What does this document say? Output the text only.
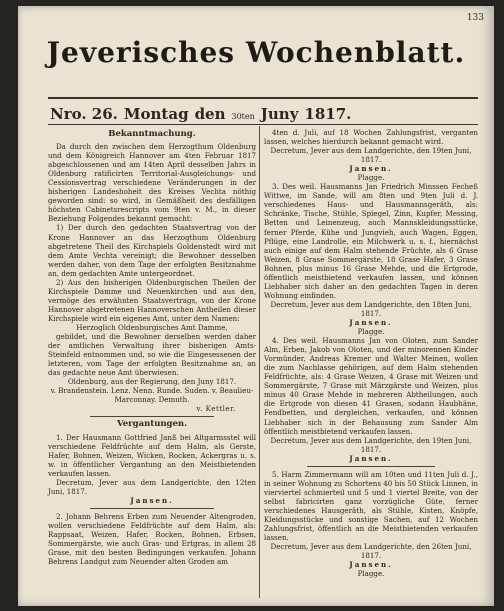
133
Jeverisches Wochenblatt.
Nro. 26. Montag den 30ten Juny 1817.
Bekanntmachung.

Da durch den zwischen dem Herzogthum Oldenburg und dem Königreich Hannover am 4ten Februar 1817 abgeschlossenen und am 14ten April desselben Jahrs in Oldenburg ratificirten Territorial-Ausgleichungs- und Cessionsvertrag verschiedene Veränderungen in der bisherigen Landeshoheit des Kreises Vechta nöthig geworden sind: so wird, in Gemäßheit des desfälligen höchsten Cabinetsrescripts vom 9ten v. M., in dieser Beziehung Folgendes bekannt gemacht:

1) Der durch den gedachten Staatsvertrag von der Krone Hannover an das Herzogthum Oldenburg abgetretene Theil des Kirchspiels Goldenstedt wird mit dem Amte Vechta vereinigt; die Bewohner desselben werden daher, von dem Tage der erfolgten Besitznahme an, dem gedachten Amte untergeordnet.

2) Aus den bisherigen Oldenburgischen Theilen der Kirchspiele Damme und Neuenkirchen und aus den, vermöge des erwähnten Staatsvertrags, von der Krone Hannover abgetretenen Hannoverschen Antheilen dieser Kirchspiele wird ein eigenes Amt, unter dem Namen:

Herzoglich Oldenburgisches Amt Damme,

gebildet, und die Bewohner derselben werden daher der amtlichen Verwaltung ihrer bisherigen Amts-Steinfeld entnommen und, so wie die Eingesessenen der letzteren, vom Tage der erfolgten Besitznahme an, an das gedachte neue Amt überwiesen.

Oldenburg, aus der Regierung, den Juny 1817.

v. Brandenstein. Lenz. Nenn. Runde. Suden. v. Beaulieu-Marconnay. Demuth.

v. Kettler.

Vergantungen.

1. Der Hausmann Gottfried Janß bei Altgarmsstel will verschiedene Feldfrüchte auf dem Halm, als Gerste, Hafer, Bohnen, Weizen, Wicken, Rocken, Ackergras u. s. w. in öffentlicher Vergantung an den Meistbietenden verkaufen lassen.

Decretum, Jever aus dem Landgerichte, den 12ten Juni, 1817.

Jansen.

2. Johann Behrens Erben zum Neuender Altengroden, wollen verschiedene Feldfrüchte auf dem Halm, als: Rappsaat, Weizen, Hafer, Rocken, Bohnen, Erbsen, Sommergärste, wie auch Gras- und Ertgras, in allem 28 Grase, mit den besten Bedingungen verkaufen. Johann Behrens Landgut zum Neuender alten Groden am

4ten d. Juli, auf 18 Wochen Zahlungsfrist, verganten lassen, welches hierdurch bekannt gemacht wird.

Decretum, Jever aus dem Landgerichte, den 19ten Juni, 1817.

Jansen.

Plagge.

3. Des weil. Hausmanns Jan Friedrich Minssen Fecheß Wittwe, im Sande, will am 8ten und 9ten Juli d. J. verschiedenes Haus- und Hausmannsgeräth, als: Schränke, Tische, Stühle, Spiegel, Zinn, Kupfer, Messing, Betten und Leinenzeug, auch Mannskleidungsstücke, ferner Pferde, Kühe und Jungvieh, auch Wagen, Eggen, Pflüge, eine Landrolle, ein Milchwerk u. s. f., hiernächst auch einige auf dem Halm stehende Früchte, als 6 Grase Weizen, 8 Grase Sommergärste, 18 Grase Hafer, 3 Grase Bohnen, plus minus 16 Grase Mehde, und die Ertgrode, öffentlich meistbietend verkaufen lassen, und können Liebhaber sich daher an den gedachten Tagen in deren Wohnung einfinden.

Decretum, Jever aus dem Landgerichte, den 18ten Juni, 1817.

Jansen.

Plagge.

4. Des weil. Hausmanns Jan von Oloten, zum Sander Alm, Erben, Jakob von Oloten, und der minorennen Kinder Vormünder, Andreas Kremer und Walter Meinen, wollen die zum Nachlasse gehörigen, auf dem Halm stehenden Feldfrüchte, als: 4 Grase Weizen, 4 Grase mit Weizen und Sommergärste, 7 Grase mit Märzgärste und Weizen, plus minus 40 Grase Mehde in mehreren Abtheilungen, auch die Ertgrode von diesen 41 Grasen, sodann Haubhäne, Fendbetten, und dergleichen, verkaufen, und können Liebhaber sich in der Behausung zum Sander Alm öffentlich meistbietend verkaufen lassen.

Decretum, Jever aus dem Landgerichte, den 19ten Juni, 1817.

Jansen.

5. Harm Zimmermann will am 10ten und 11ten Juli d. J., in seiner Wohnung zu Schortens 40 bis 50 Stück Linnen, in vierviertel schmierteil und 5 und 1 viertel Breite, von der selbst fabricirten ganz vorzügliche Güte, ferner verschiedenes Hausgeräth, als Stühle, Kisten, Knöpfe, Kleidungsstücke und sonstige Sachen, auf 12 Wochen Zahlungsfrist, öffentlich an die Meistbietenden verkaufen lassen.

Decretum, Jever aus dem Landgerichte, den 26ten Juni, 1817.

Jansen.

Plagge.
